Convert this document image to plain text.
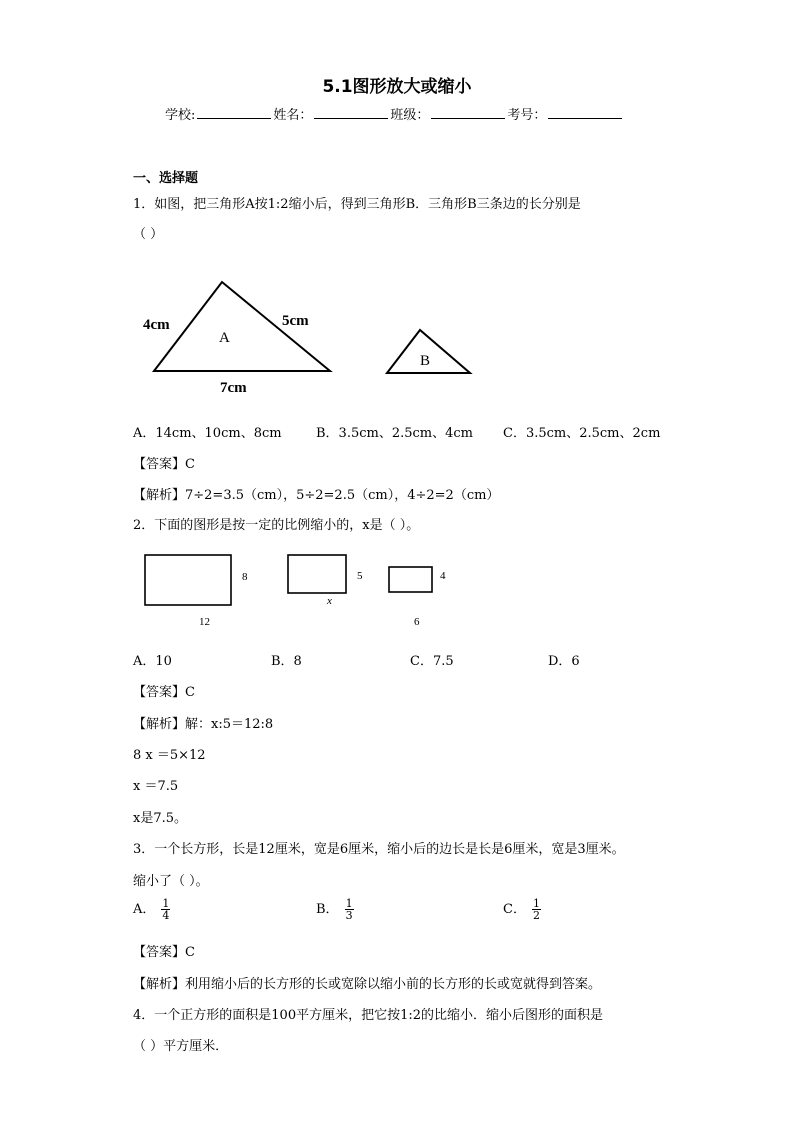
5.1图形放大或缩小
学校:	姓名：	班级：	考号：
一、选择题
1．如图，把三角形A按1:2缩小后，得到三角形B．三角形B三条边的长分别是
（ ）
4cm	5cm
7cm
A
B
A．14cm、10cm、8cm	B．3.5cm、2.5cm、4cm C．3.5cm、2.5cm、2cm
【答案】C
【解析】7÷2=3.5（cm），5÷2=2.5（cm），4÷2=2（cm）
2．下面的图形是按一定的比例缩小的，x是（ ）。
8
12
5
x
4
6
A．10	B．8	C．7.5	D．6
【答案】C
【解析】解：x:5＝12:8
8 x ＝5×12
x ＝7.5
x是7.5。
3．一个长方形，长是12厘米，宽是6厘米，缩小后的边长是长是6厘米，宽是3厘米。
缩小了（ ）。
A． $\frac{1}{4}$	B． $\frac{1}{3}$	C． $\frac{1}{2}$
【答案】C
【解析】利用缩小后的长方形的长或宽除以缩小前的长方形的长或宽就得到答案。
4．一个正方形的面积是100平方厘米，把它按1:2的比缩小．缩小后图形的面积是
（ ）平方厘米．
